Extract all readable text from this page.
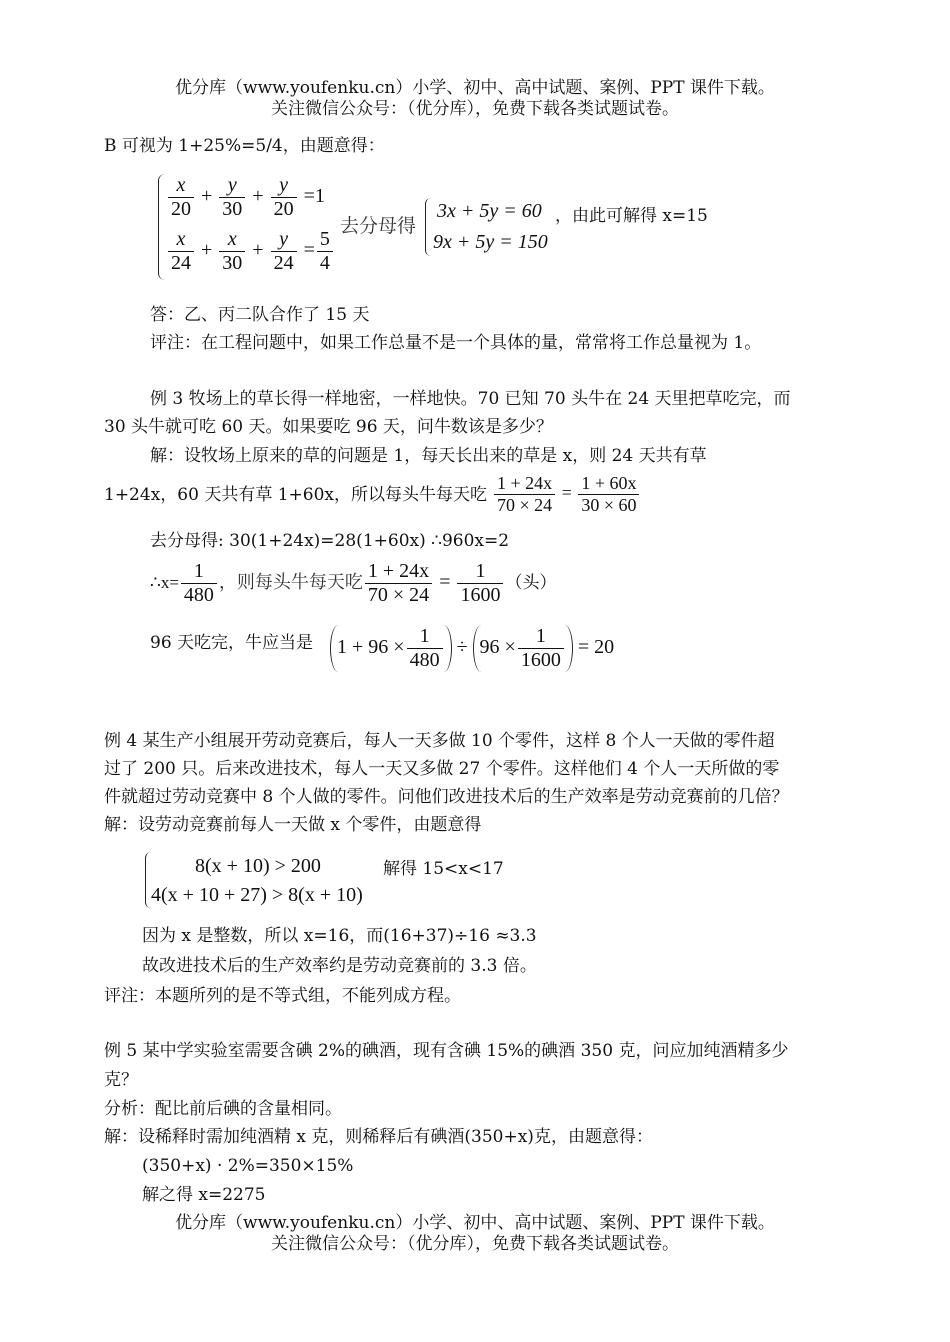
优分库（www.youfenku.cn）小学、初中、高中试题、案例、PPT 课件下载。
关注微信公众号：（优分库），免费下载各类试题试卷。
B 可视为 1+25%=5/4，由题意得：
$\frac{x}{20} + \frac{y}{30} + \frac{y}{20} =1$
$\frac{x}{24} + \frac{x}{30} + \frac{y}{24} = \frac{5}{4}$
去分母得
3x + 5y = 60
9x + 5y = 150
，由此可解得 x=15
答：乙、丙二队合作了 15 天
评注：在工程问题中，如果工作总量不是一个具体的量，常常将工作总量视为 1。
例 3 牧场上的草长得一样地密，一样地快。70 已知 70 头牛在 24 天里把草吃完，而
30 头牛就可吃 60 天。如果要吃 96 天，问牛数该是多少？
解：设牧场上原来的草的问题是 1，每天长出来的草是 x，则 24 天共有草
1+24x，60 天共有草 1+60x，所以每头牛每天吃 $\frac{1 + 24x}{70 \times 24} = \frac{1 + 60x}{30 \times 60}$
去分母得: 30(1+24x)=28(1+60x) ∴960x=2
∴x= $\frac{1}{480}$ ，则每头牛每天吃 $\frac{1 + 24x}{70 \times 24} = \frac{1}{1600}$ （头）
96 天吃完，牛应当是	$1 + 96 \times \frac{1}{480} \div 96 \times \frac{1}{1600} = 20$
例 4 某生产小组展开劳动竞赛后，每人一天多做 10 个零件，这样 8 个人一天做的零件超
过了 200 只。后来改进技术，每人一天又多做 27 个零件。这样他们 4 个人一天所做的零
件就超过劳动竞赛中 8 个人做的零件。问他们改进技术后的生产效率是劳动竞赛前的几倍？
解：设劳动竞赛前每人一天做 x 个零件，由题意得
8(x + 10) > 200
4(x + 10 + 27) > 8(x + 10)
解得 15<x<17
因为 x 是整数，所以 x=16，而(16+37)÷16 ≈3.3
故改进技术后的生产效率约是劳动竞赛前的 3.3 倍。
评注：本题所列的是不等式组，不能列成方程。
例 5 某中学实验室需要含碘 2%的碘酒，现有含碘 15%的碘酒 350 克，问应加纯酒精多少
克？
分析：配比前后碘的含量相同。
解：设稀释时需加纯酒精 x 克，则稀释后有碘酒(350+x)克，由题意得：
(350+x) · 2%=350×15%
解之得 x=2275
优分库（www.youfenku.cn）小学、初中、高中试题、案例、PPT 课件下载。
关注微信公众号：（优分库），免费下载各类试题试卷。
